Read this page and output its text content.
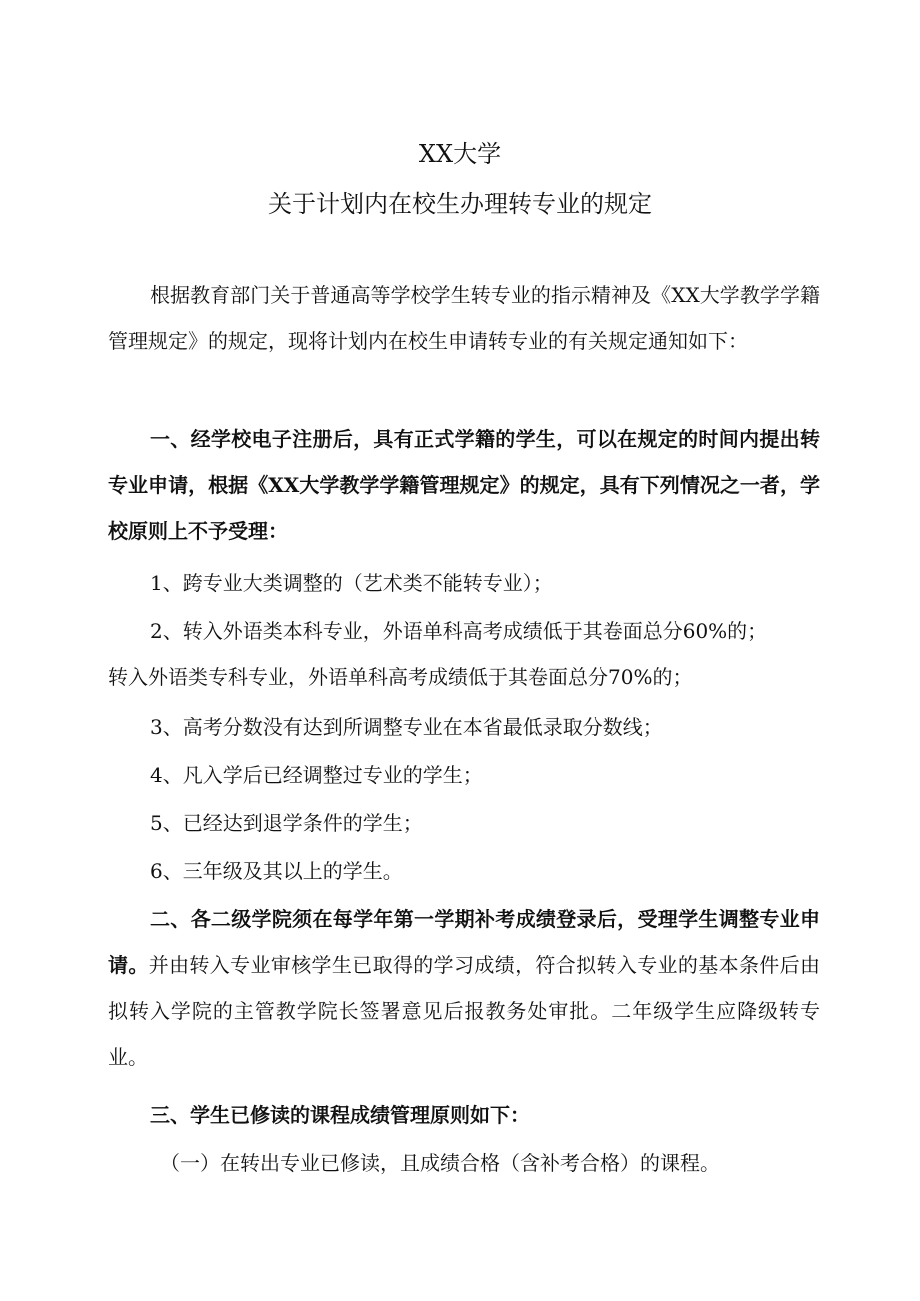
XX大学
关于计划内在校生办理转专业的规定

根据教育部门关于普通高等学校学生转专业的指示精神及《XX大学教学学籍管理规定》的规定，现将计划内在校生申请转专业的有关规定通知如下：

一、经学校电子注册后，具有正式学籍的学生，可以在规定的时间内提出转专业申请，根据《XX大学教学学籍管理规定》的规定，具有下列情况之一者，学校原则上不予受理：

1、跨专业大类调整的（艺术类不能转专业）；
2、转入外语类本科专业，外语单科高考成绩低于其卷面总分60%的；
转入外语类专科专业，外语单科高考成绩低于其卷面总分70%的；
3、高考分数没有达到所调整专业在本省最低录取分数线；
4、凡入学后已经调整过专业的学生；
5、已经达到退学条件的学生；
6、三年级及其以上的学生。

二、各二级学院须在每学年第一学期补考成绩登录后，受理学生调整专业申请。并由转入专业审核学生已取得的学习成绩，符合拟转入专业的基本条件后由拟转入学院的主管教学院长签署意见后报教务处审批。二年级学生应降级转专业。

三、学生已修读的课程成绩管理原则如下：
（一）在转出专业已修读，且成绩合格（含补考合格）的课程。
